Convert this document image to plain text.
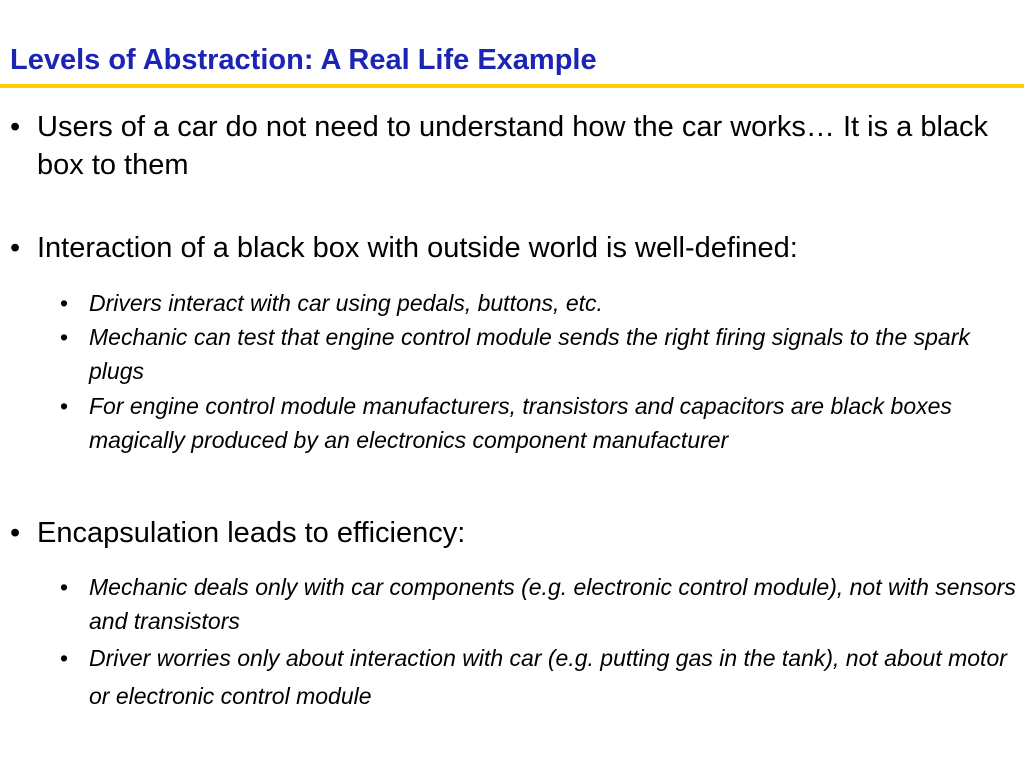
Levels of Abstraction: A Real Life Example
• Users of a car do not need to understand how the car works… It is a black box to them
• Interaction of a black box with outside world is well-defined:
• Drivers interact with car using pedals, buttons, etc.
• Mechanic can test that engine control module sends the right firing signals to the spark plugs
• For engine control module manufacturers, transistors and capacitors are black boxes magically produced by an electronics component manufacturer
• Encapsulation leads to efficiency:
• Mechanic deals only with car components (e.g. electronic control module), not with sensors and transistors
• Driver worries only about interaction with car (e.g. putting gas in the tank), not about motor or electronic control module
